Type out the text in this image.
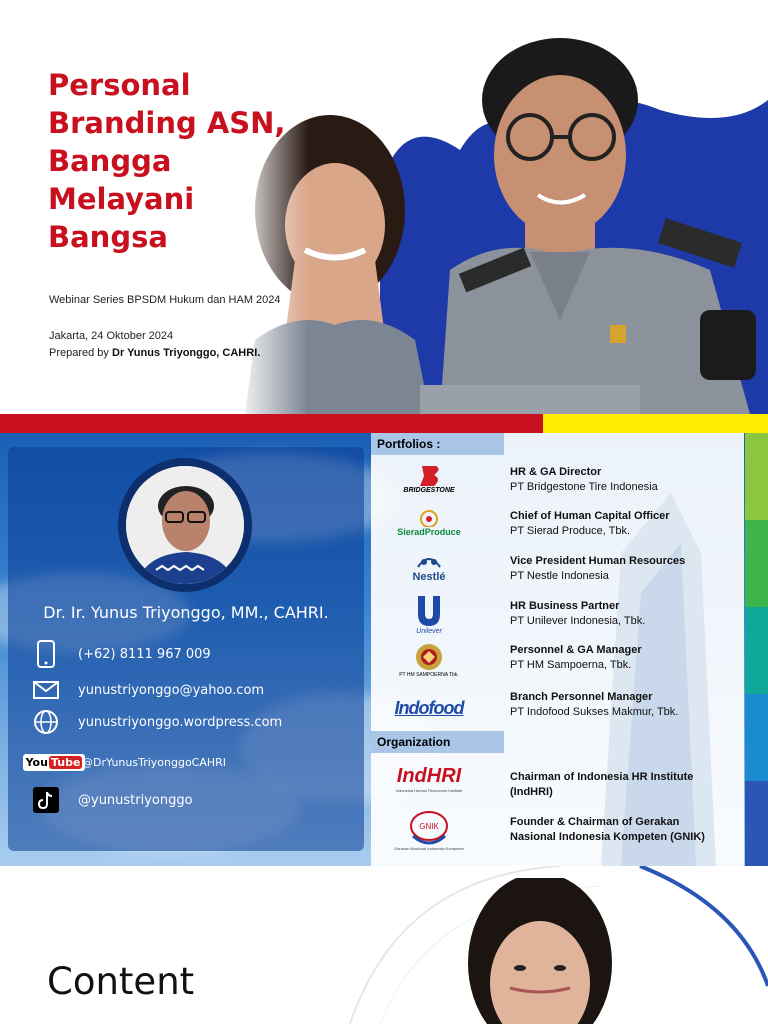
Personal
Branding ASN,
Bangga
Melayani
Bangsa
Webinar Series BPSDM Hukum dan HAM 2024
Jakarta, 24 Oktober 2024
Prepared by Dr Yunus Triyonggo, CAHRI.
Dr. Ir. Yunus Triyonggo, MM., CAHRI.
(+62) 8111 967 009
yunustriyonggo@yahoo.com
yunustriyonggo.wordpress.com
You Tube @DrYunusTriyonggoCAHRI
@yunustriyonggo
Portfolios :
BRIDGESTONE
SieradProduce
Nestlé
Unilever
PT HM SAMPOERNA Tbk.
Indofood
HR & GA Director
PT Bridgestone Tire Indonesia
Chief of Human Capital Officer
PT Sierad Produce, Tbk.
Vice President Human Resources
PT Nestle Indonesia
HR Business Partner
PT Unilever Indonesia, Tbk.
Personnel & GA Manager
PT HM Sampoerna, Tbk.
Branch Personnel Manager
PT Indofood Sukses Makmur, Tbk.
Organization
IndHRI
Indonesia Human Resources Institute
GNIK
Gerakan Nasional Indonesia Kompeten
Chairman of Indonesia HR Institute
(IndHRI)
Founder & Chairman of Gerakan
Nasional Indonesia Kompeten (GNIK)
Content
